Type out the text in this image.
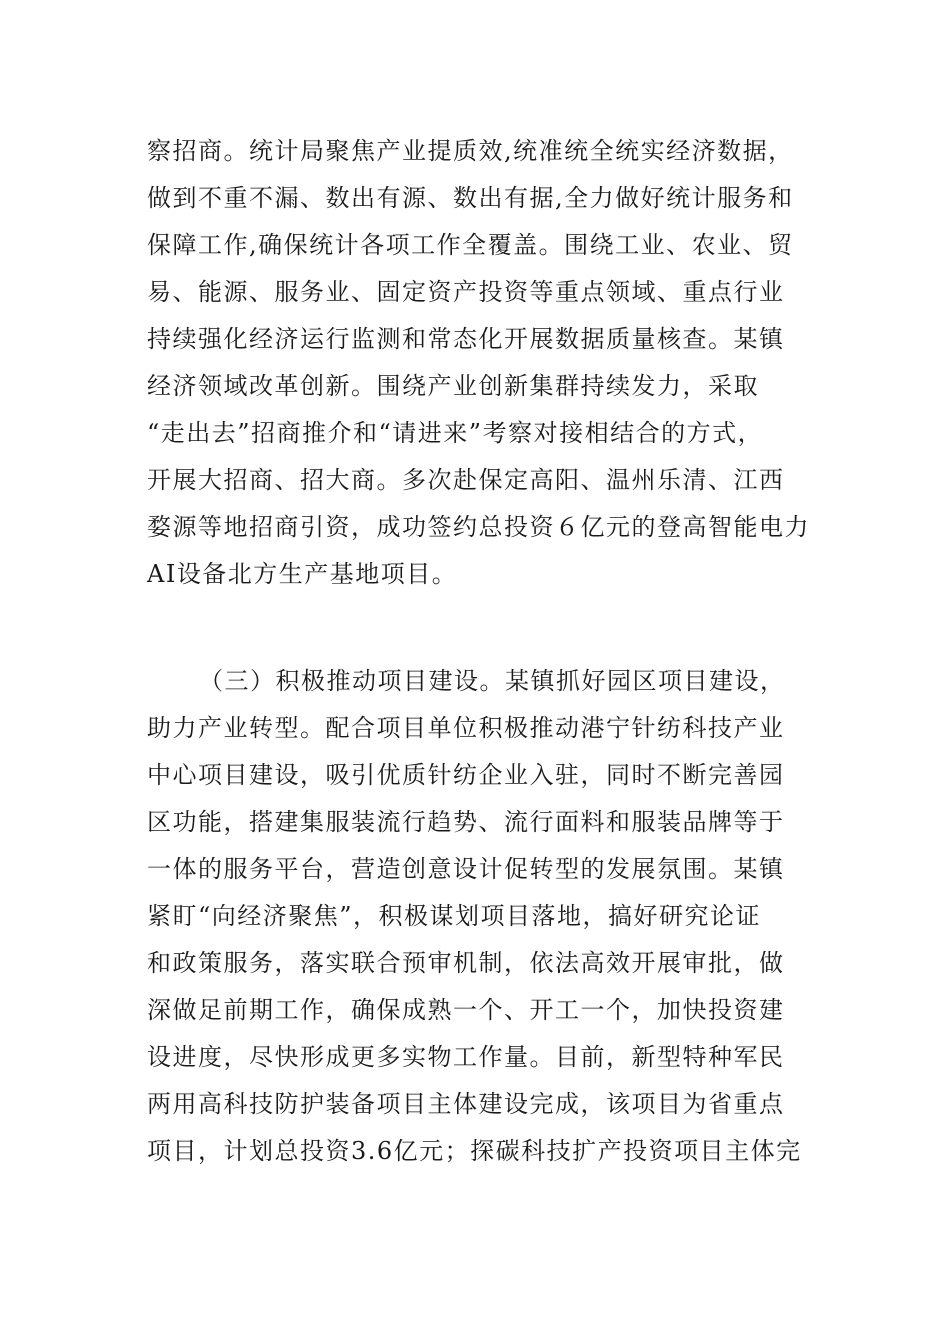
察招商。统计局聚焦产业提质效,统准统全统实经济数据，
做到不重不漏、数出有源、数出有据,全力做好统计服务和
保障工作,确保统计各项工作全覆盖。围绕工业、农业、贸
易、能源、服务业、固定资产投资等重点领域、重点行业
持续强化经济运行监测和常态化开展数据质量核查。某镇
经济领域改革创新。围绕产业创新集群持续发力，采取
“走出去”招商推介和“请进来”考察对接相结合的方式，
开展大招商、招大商。多次赴保定高阳、温州乐清、江西
婺源等地招商引资，成功签约总投资６亿元的登高智能电力
AI设备北方生产基地项目。
（三）积极推动项目建设。某镇抓好园区项目建设，
助力产业转型。配合项目单位积极推动港宁针纺科技产业
中心项目建设，吸引优质针纺企业入驻，同时不断完善园
区功能，搭建集服装流行趋势、流行面料和服装品牌等于
一体的服务平台，营造创意设计促转型的发展氛围。某镇
紧盯“向经济聚焦”，积极谋划项目落地，搞好研究论证
和政策服务，落实联合预审机制，依法高效开展审批，做
深做足前期工作，确保成熟一个、开工一个，加快投资建
设进度，尽快形成更多实物工作量。目前，新型特种军民
两用高科技防护装备项目主体建设完成，该项目为省重点
项目，计划总投资3.6亿元；探碳科技扩产投资项目主体完
